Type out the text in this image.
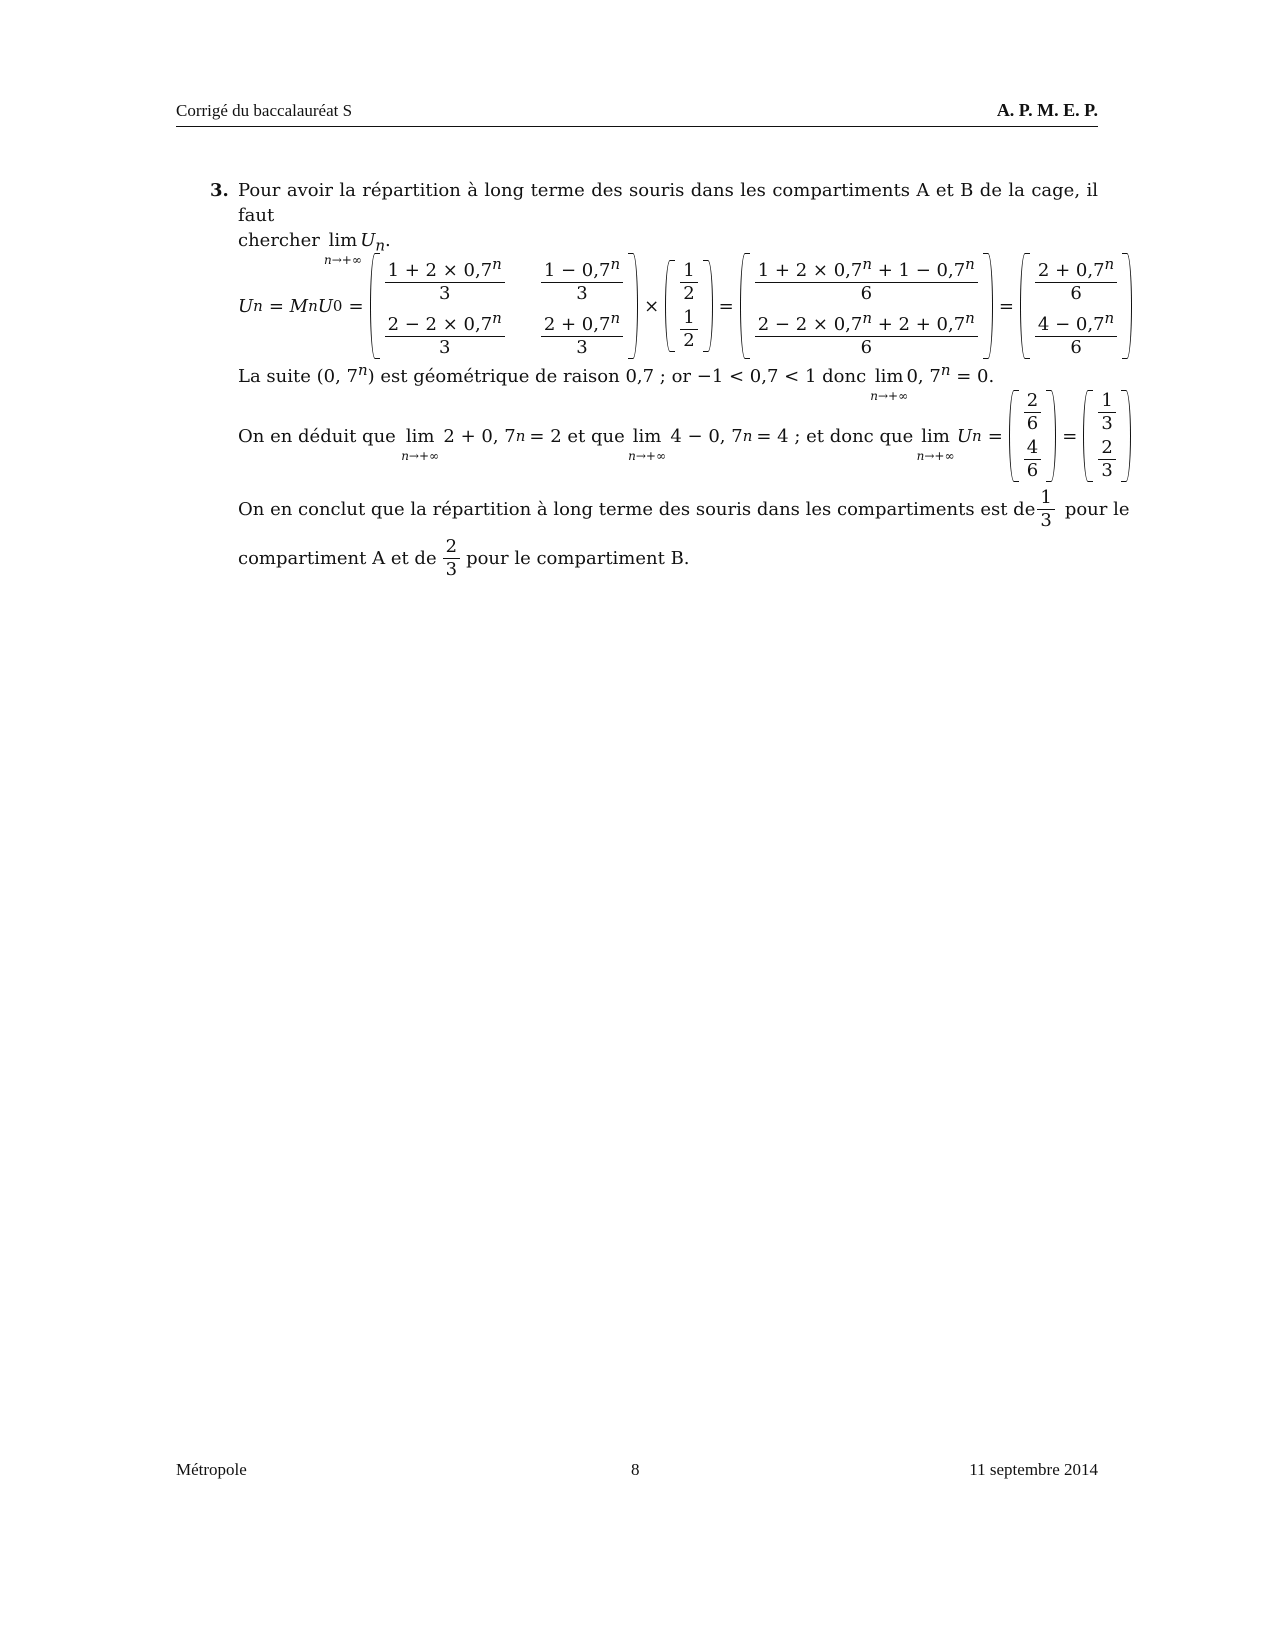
Corrigé du baccalauréat S	A. P. M. E. P.
3. Pour avoir la répartition à long terme des souris dans les compartiments A et B de la cage, il faut
chercher lim
n→+∞
$U_n$.
U n = M n U 0 =
$\frac{1 + 2 \times 0,7^n}{3} \frac{1 - 0,7^n}{3}$
$\frac{2 - 2 \times 0,7^n}{3} \frac{2 + 0,7^n}{3}$
×
$\frac{1}{2}$
$\frac{1}{2}$
=
$\frac{1 + 2 \times 0,7^n + 1 - 0,7^n}{6}$
$\frac{2 - 2 \times 0,7^n + 2 + 0,7^n}{6}$
=
$\frac{2 + 0,7^n}{6}$
$\frac{4 - 0,7^n}{6}$
La suite (0, 7$^n$) est géométrique de raison 0,7 ; or −1 < 0,7 < 1 donc lim
n→+∞
0, $7^n = 0$.
On en déduit que lim
n→+∞
2 + 0, 7 n = 2 et que lim
n→+∞
4 − 0, 7 n = 4 ; et donc que lim
n→+∞
U n =
$\frac{2}{6}$
$\frac{4}{6}$
=
$\frac{1}{3}$
$\frac{2}{3}$
On en conclut que la répartition à long terme des souris dans les compartiments est de $\frac{1}{3}$ pour le
compartiment A et de $\frac{2}{3}$ pour le compartiment B.
Métropole	8	11 septembre 2014
